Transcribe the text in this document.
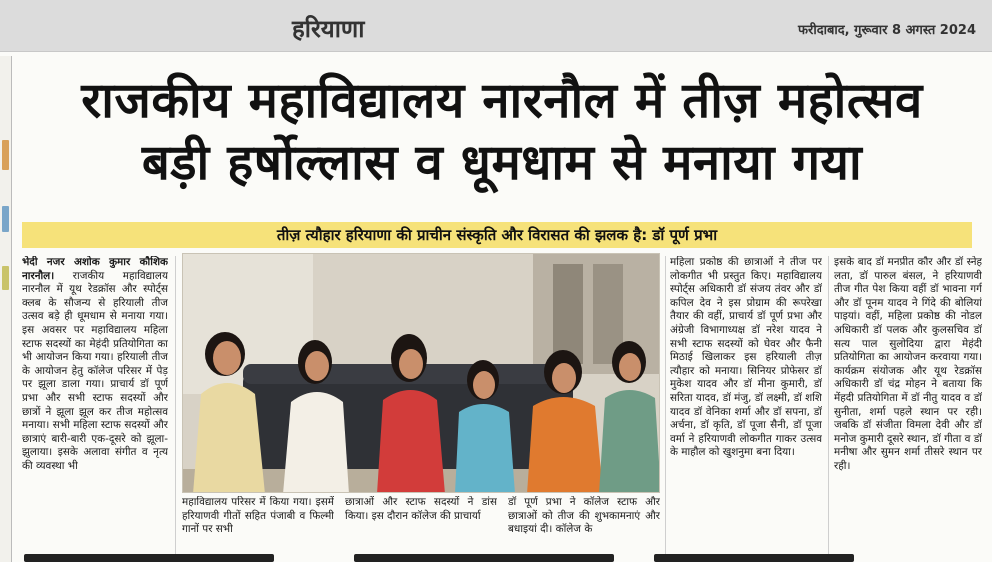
हरियाणा	फरीदाबाद, गुरूवार 8 अगस्त 2024
राजकीय महाविद्यालय नारनौल में तीज़ महोत्सव
बड़ी हर्षोल्लास व धूमधाम से मनाया गया
तीज़ त्यौहार हरियाणा की प्राचीन संस्कृति और विरासत की झलक है: डॉ पूर्ण प्रभा
भेदी नजर अशोक कुमार कौशिक नारनौल। राजकीय महाविद्यालय नारनौल में यूथ रेडक्रॉस और स्पोर्ट्स क्लब के सौजन्य से हरियाली तीज उत्सव बड़े ही धूमधाम से मनाया गया। इस अवसर पर महाविद्यालय महिला स्टाफ सदस्यों का मेहंदी प्रतियोगिता का भी आयोजन किया गया। हरियाली तीज के आयोजन हेतु कॉलेज परिसर में पेड़ पर झूला डाला गया। प्राचार्य डॉ पूर्ण प्रभा और सभी स्टाफ सदस्यों और छात्रों ने झूला झूल कर तीज महोत्सव मनाया। सभी महिला स्टाफ सदस्यों और छात्राएं बारी-बारी एक-दूसरे को झूला-झुलाया। इसके अलावा संगीत व नृत्य की व्यवस्था भी
महाविद्यालय परिसर में किया गया। इसमें हरियाणवी गीतों सहित पंजाबी व फिल्मी गानों पर सभी
छात्राओं और स्टाफ सदस्यों ने डांस किया। इस दौरान कॉलेज की प्राचार्या
डॉ पूर्ण प्रभा ने कॉलेज स्टाफ और छात्राओं को तीज की शुभकामनाएं और बधाइयां दी। कॉलेज के
महिला प्रकोष्ठ की छात्राओं ने तीज पर लोकगीत भी प्रस्तुत किए। महाविद्यालय स्पोर्ट्स अधिकारी डॉ संजय तंवर और डॉ कपिल देव ने इस प्रोग्राम की रूपरेखा तैयार की वहीं, प्राचार्य डॉ पूर्ण प्रभा और अंग्रेजी विभागाध्यक्ष डॉ नरेश यादव ने सभी स्टाफ सदस्यों को घेवर और फैनी मिठाई खिलाकर इस हरियाली तीज़ त्यौहार को मनाया। सिनियर प्रोफेसर डॉ मुकेश यादव और डॉ मीना कुमारी, डॉ सरिता यादव, डॉ मंजु, डॉ लक्ष्मी, डॉ शशि यादव डॉ वेनिका शर्मा और डॉ सपना, डॉ अर्चना, डॉ कृति, डॉ पूजा सैनी, डॉ पूजा वर्मा ने हरियाणवी लोकगीत गाकर उत्सव के माहौल को खुशनुमा बना दिया।
इसके बाद डॉ मनप्रीत कौर और डॉ स्नेह लता, डॉ पारुल बंसल, ने हरियाणवी तीज गीत पेश किया वहीं डॉ भावना गर्ग और डॉ पूनम यादव ने गिंदे की बोलियां पाइयां। वहीं, महिला प्रकोष्ठ की नोडल अधिकारी डॉ पलक और कुलसचिव डॉ सत्य पाल सुलोदिया द्वारा मेहंदी प्रतियोगिता का आयोजन करवाया गया। कार्यक्रम संयोजक और यूथ रेडक्रॉस अधिकारी डॉ चंद्र मोहन ने बताया कि मेंहदी प्रतियोगिता में डॉ नीतु यादव व डॉ सुनीता, शर्मा पहले स्थान पर रही। जबकि डॉ संजीता विमला देवी और डॉ मनोज कुमारी दूसरे स्थान, डॉ गीता व डॉ मनीषा और सुमन शर्मा तीसरे स्थान पर रही।
